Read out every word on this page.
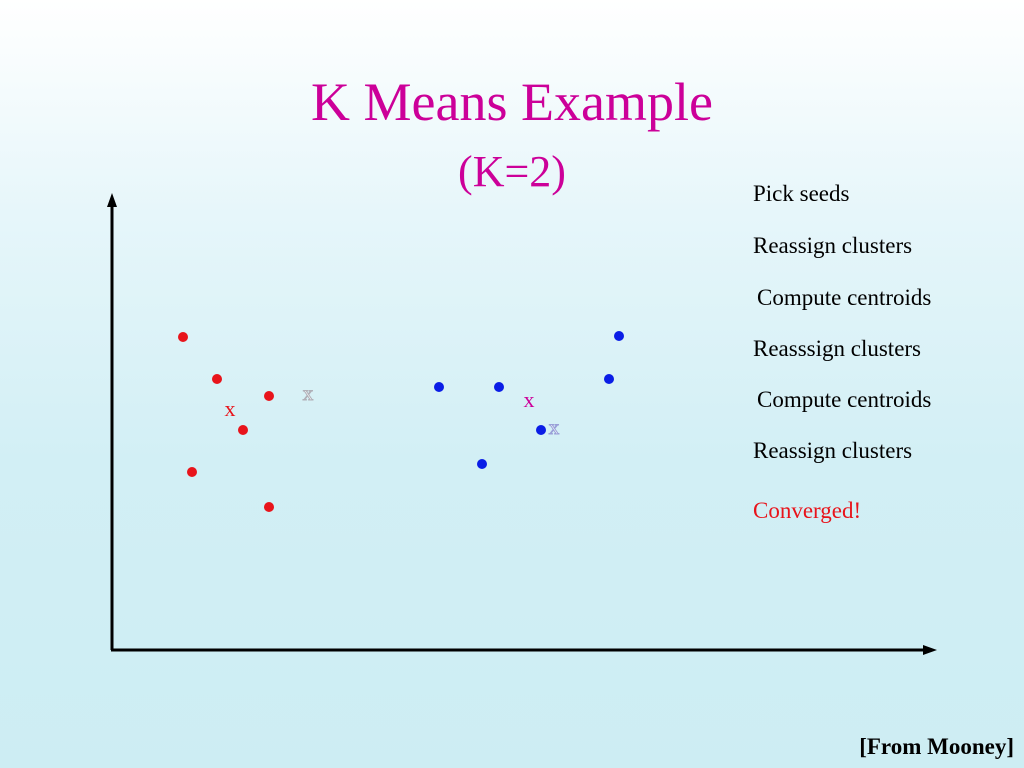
K Means Example
(K=2)
x
x
x	x
Pick seeds
Reassign clusters
Compute centroids
Reasssign clusters
Compute centroids
Reassign clusters
Converged!
[From Mooney]
